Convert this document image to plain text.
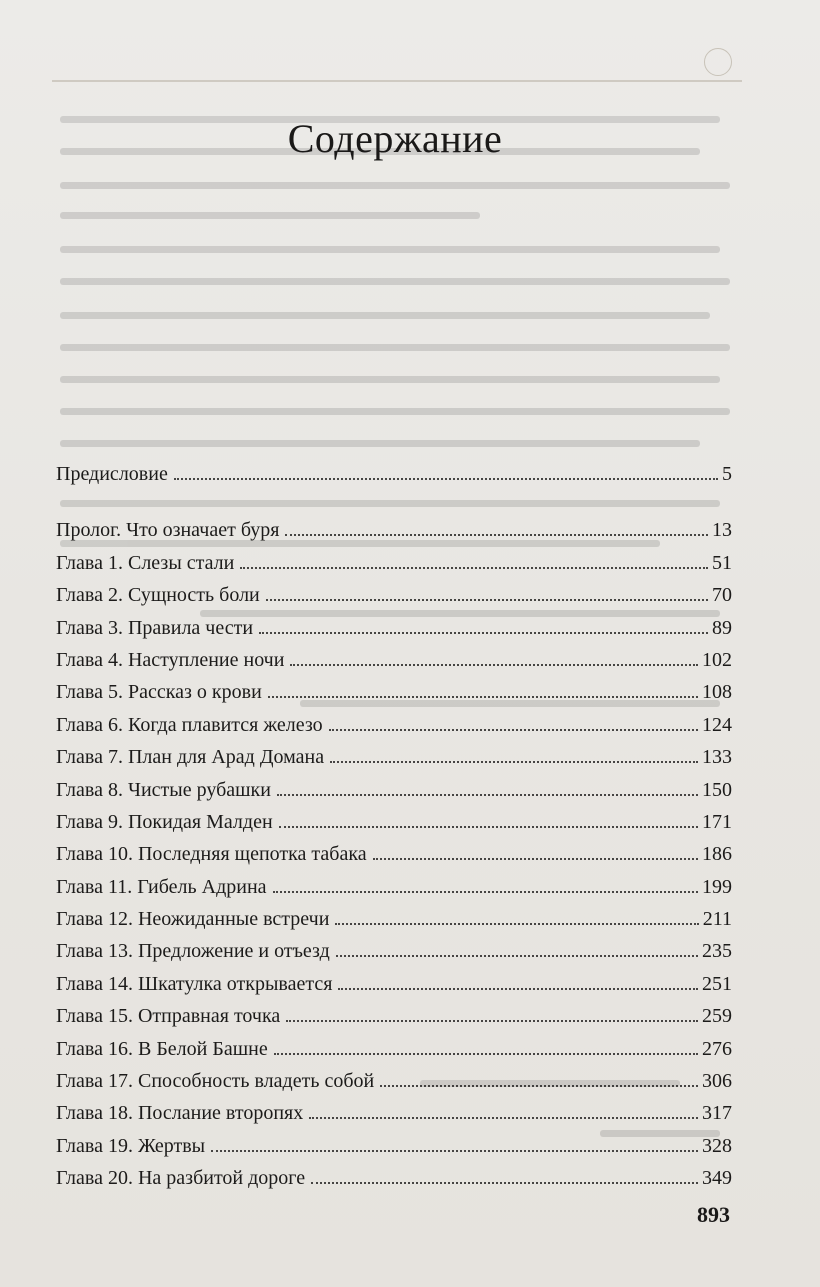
Содержание
Предисловие	5
Пролог. Что означает буря	13
Глава 1. Слезы стали	51
Глава 2. Сущность боли	70
Глава 3. Правила чести	89
Глава 4. Наступление ночи	102
Глава 5. Рассказ о крови	108
Глава 6. Когда плавится железо	124
Глава 7. План для Арад Домана	133
Глава 8. Чистые рубашки	150
Глава 9. Покидая Малден	171
Глава 10. Последняя щепотка табака	186
Глава 11. Гибель Адрина	199
Глава 12. Неожиданные встречи	211
Глава 13. Предложение и отъезд	235
Глава 14. Шкатулка открывается	251
Глава 15. Отправная точка	259
Глава 16. В Белой Башне	276
Глава 17. Способность владеть собой	306
Глава 18. Послание второпях	317
Глава 19. Жертвы	328
Глава 20. На разбитой дороге	349
893
